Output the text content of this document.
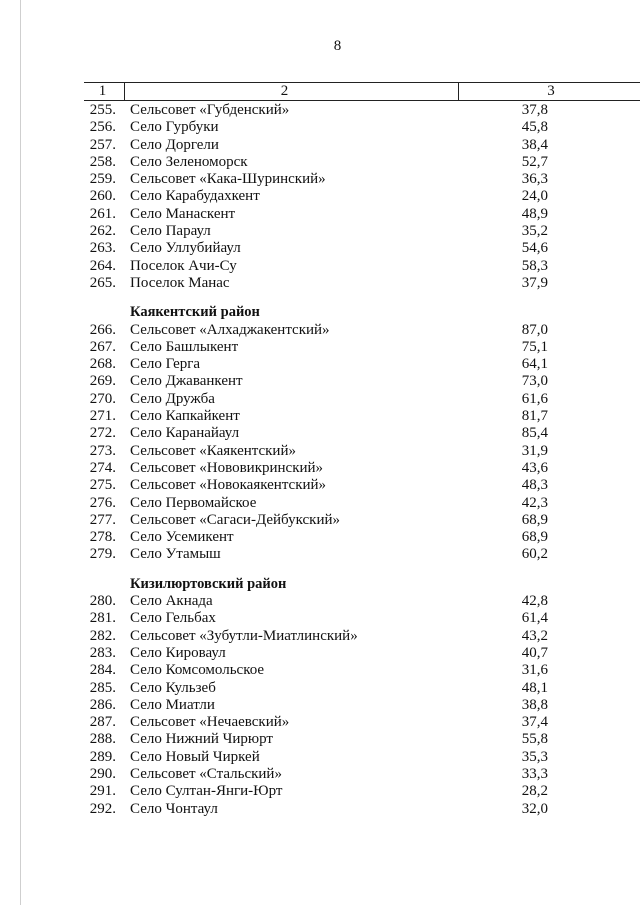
8
1	2	3
255. Сельсовет «Губденский»	37,8
256. Село Гурбуки	45,8
257. Село Доргели	38,4
258. Село Зеленоморск	52,7
259. Сельсовет «Кака-Шуринский»	36,3
260. Село Карабудахкент	24,0
261. Село Манаскент	48,9
262. Село Параул	35,2
263. Село Уллубийаул	54,6
264. Поселок Ачи-Су	58,3
265. Поселок Манас	37,9
Каякентский район
266. Сельсовет «Алхаджакентский»	87,0
267. Село Башлыкент	75,1
268. Село Герга	64,1
269. Село Джаванкент	73,0
270. Село Дружба	61,6
271. Село Капкайкент	81,7
272. Село Каранайаул	85,4
273. Сельсовет «Каякентский»	31,9
274. Сельсовет «Нововикринский»	43,6
275. Сельсовет «Новокаякентский»	48,3
276. Село Первомайское	42,3
277. Сельсовет «Сагаси-Дейбукский»	68,9
278. Село Усемикент	68,9
279. Село Утамыш	60,2
Кизилюртовский район
280. Село Акнада	42,8
281. Село Гельбах	61,4
282. Сельсовет «Зубутли-Миатлинский»	43,2
283. Село Кироваул	40,7
284. Село Комсомольское	31,6
285. Село Кульзеб	48,1
286. Село Миатли	38,8
287. Сельсовет «Нечаевский»	37,4
288. Село Нижний Чирюрт	55,8
289. Село Новый Чиркей	35,3
290. Сельсовет «Стальский»	33,3
291. Село Султан-Янги-Юрт	28,2
292. Село Чонтаул	32,0
